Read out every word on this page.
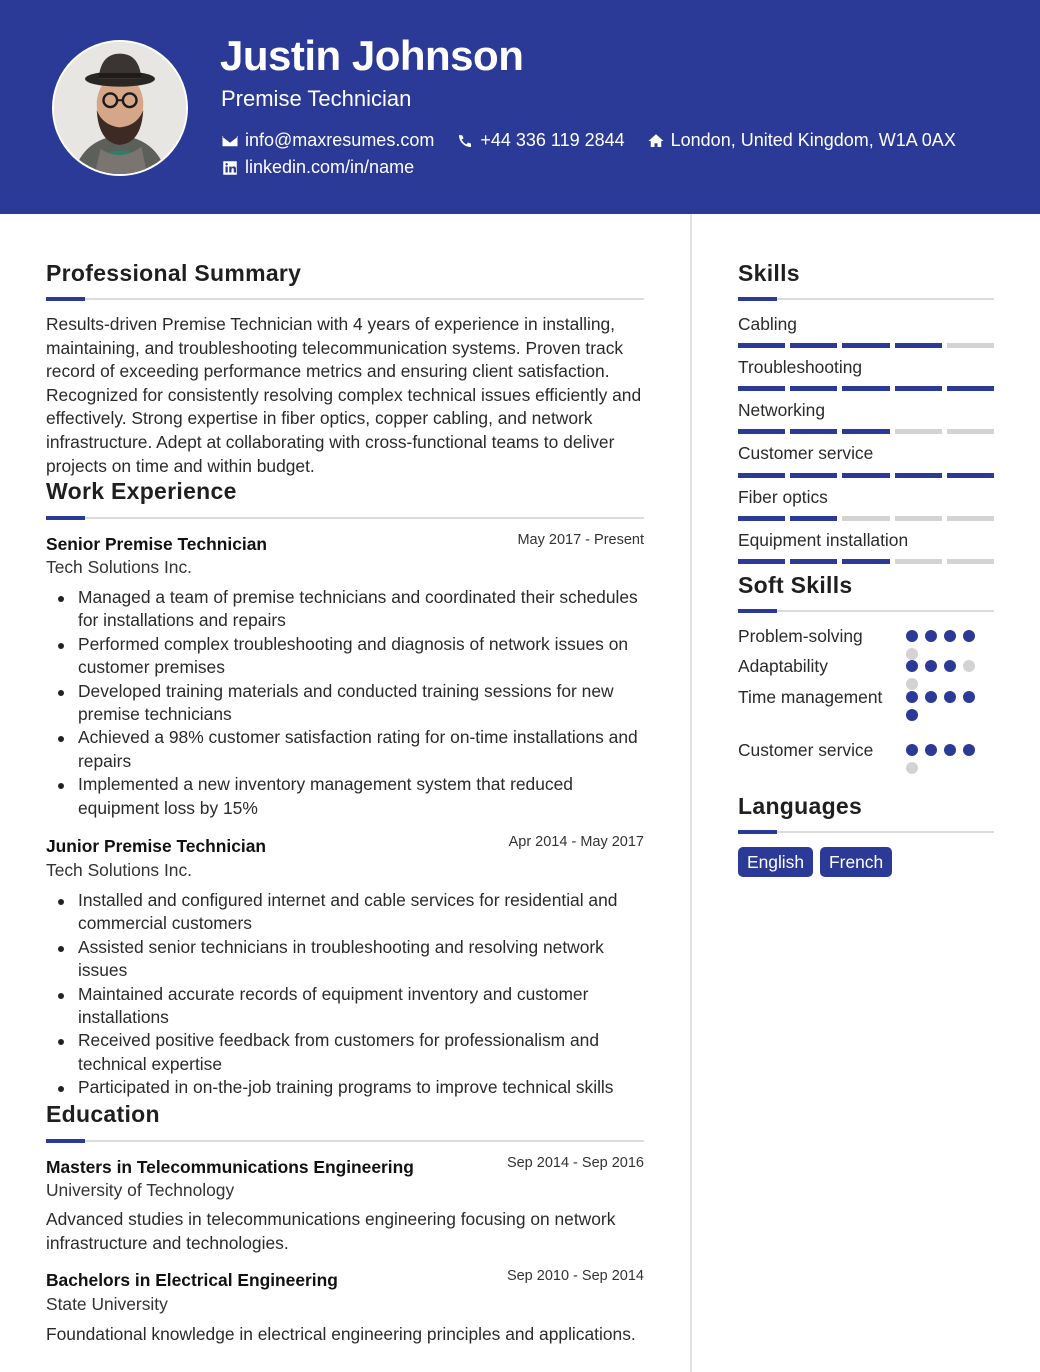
Justin Johnson
Premise Technician
info@maxresumes.com	+44 336 119 2844	London, United Kingdom, W1A 0AX
linkedin.com/in/name
Professional Summary
Results-driven Premise Technician with 4 years of experience in installing, maintaining, and troubleshooting telecommunication systems. Proven track record of exceeding performance metrics and ensuring client satisfaction. Recognized for consistently resolving complex technical issues efficiently and effectively. Strong expertise in fiber optics, copper cabling, and network infrastructure. Adept at collaborating with cross-functional teams to deliver projects on time and within budget.
Work Experience
Senior Premise Technician	May 2017 - Present
Tech Solutions Inc.
Managed a team of premise technicians and coordinated their schedules for installations and repairs
Performed complex troubleshooting and diagnosis of network issues on customer premises
Developed training materials and conducted training sessions for new premise technicians
Achieved a 98% customer satisfaction rating for on-time installations and repairs
Implemented a new inventory management system that reduced equipment loss by 15%
Junior Premise Technician	Apr 2014 - May 2017
Tech Solutions Inc.
Installed and configured internet and cable services for residential and commercial customers
Assisted senior technicians in troubleshooting and resolving network issues
Maintained accurate records of equipment inventory and customer installations
Received positive feedback from customers for professionalism and technical expertise
Participated in on-the-job training programs to improve technical skills
Education
Masters in Telecommunications Engineering	Sep 2014 - Sep 2016
University of Technology
Advanced studies in telecommunications engineering focusing on network infrastructure and technologies.
Bachelors in Electrical Engineering	Sep 2010 - Sep 2014
State University
Foundational knowledge in electrical engineering principles and applications.
Skills
Cabling
Troubleshooting
Networking
Customer service
Fiber optics
Equipment installation
Soft Skills
Problem-solving
Adaptability
Time management
Customer service
Languages
English	French
